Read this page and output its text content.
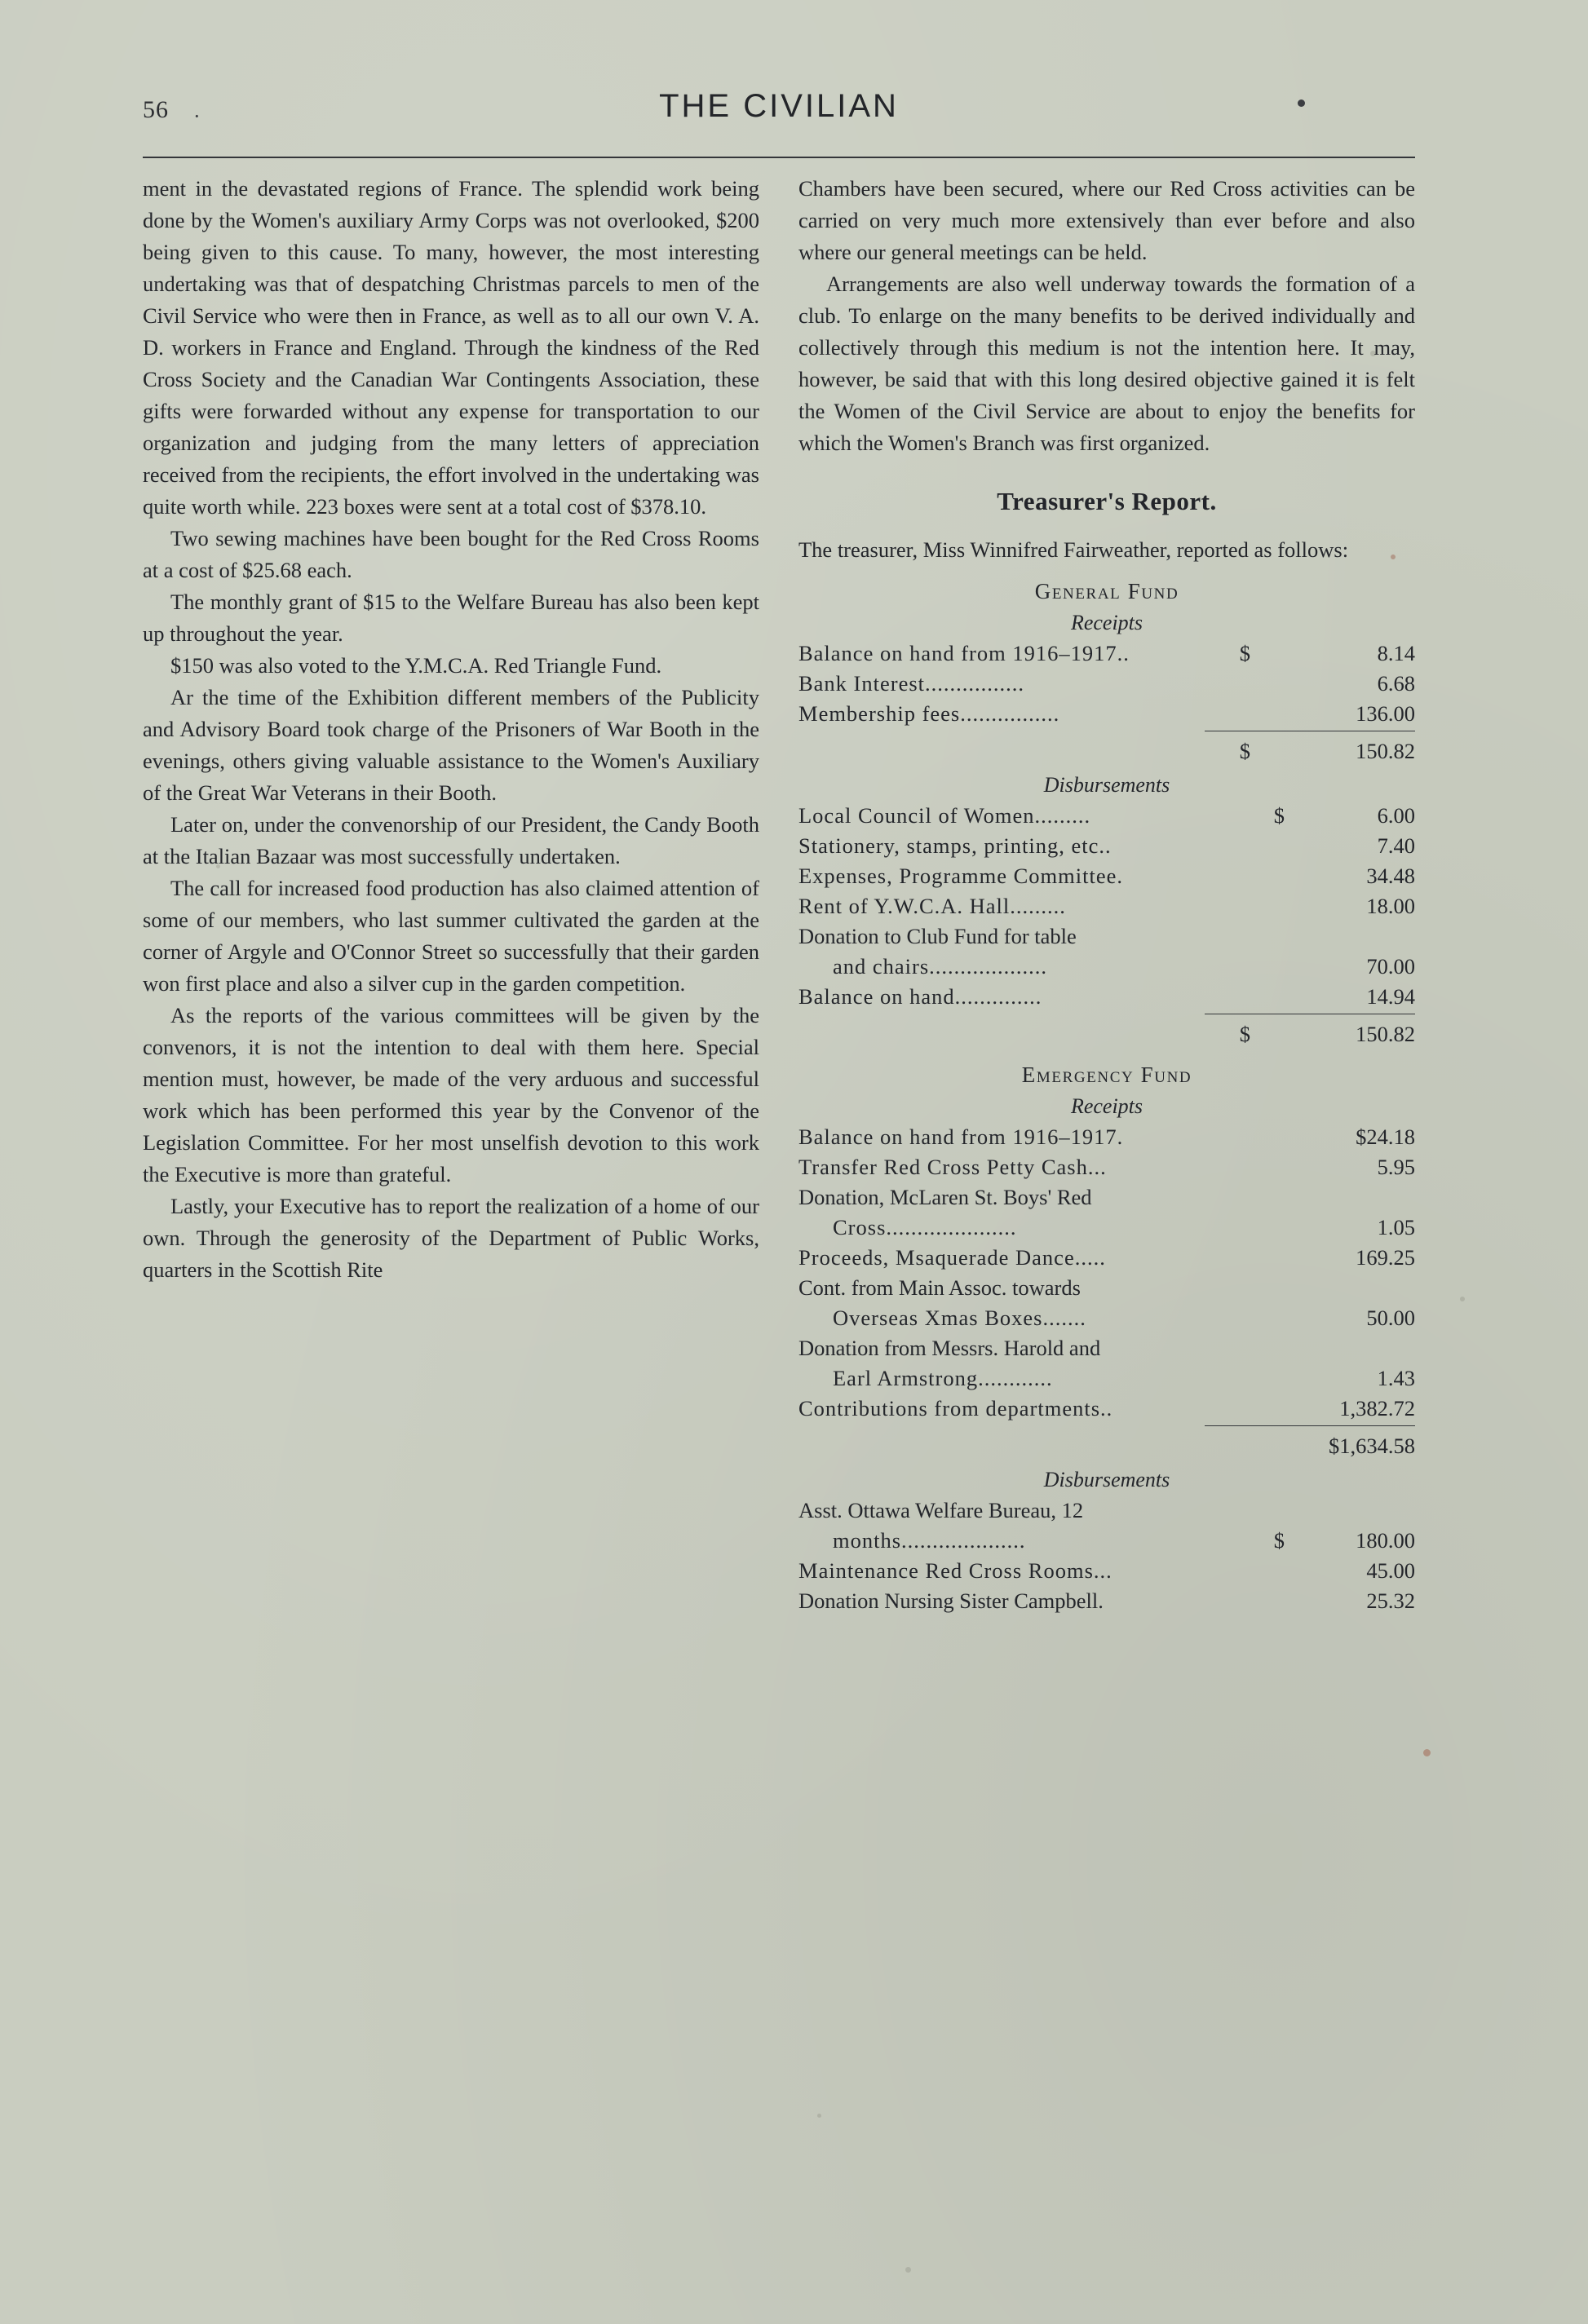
56 ·	THE CIVILIAN

ment in the devastated regions of France. The splendid work being done by the Women's auxiliary Army Corps was not overlooked, $200 being given to this cause. To many, however, the most interesting undertaking was that of despatching Christmas parcels to men of the Civil Service who were then in France, as well as to all our own V. A. D. workers in France and England. Through the kindness of the Red Cross Society and the Canadian War Contingents Association, these gifts were forwarded without any expense for transportation to our organization and judging from the many letters of appreciation received from the recipients, the effort involved in the undertaking was quite worth while. 223 boxes were sent at a total cost of $378.10.

Two sewing machines have been bought for the Red Cross Rooms at a cost of $25.68 each.

The monthly grant of $15 to the Welfare Bureau has also been kept up throughout the year.

$150 was also voted to the Y.M.C.A. Red Triangle Fund.

Ar the time of the Exhibition different members of the Publicity and Advisory Board took charge of the Prisoners of War Booth in the evenings, others giving valuable assistance to the Women's Auxiliary of the Great War Veterans in their Booth.

Later on, under the convenorship of our President, the Candy Booth at the Italian Bazaar was most successfully undertaken.

The call for increased food production has also claimed attention of some of our members, who last summer cultivated the garden at the corner of Argyle and O'Connor Street so successfully that their garden won first place and also a silver cup in the garden competition.

As the reports of the various committees will be given by the convenors, it is not the intention to deal with them here. Special mention must, however, be made of the very arduous and successful work which has been performed this year by the Convenor of the Legislation Committee. For her most unselfish devotion to this work the Executive is more than grateful.

Lastly, your Executive has to report the realization of a home of our own. Through the generosity of the Department of Public Works, quarters in the Scottish Rite

Chambers have been secured, where our Red Cross activities can be carried on very much more extensively than ever before and also where our general meetings can be held.

Arrangements are also well underway towards the formation of a club. To enlarge on the many benefits to be derived individually and collectively through this medium is not the intention here. It may, however, be said that with this long desired objective gained it is felt the Women of the Civil Service are about to enjoy the benefits for which the Women's Branch was first organized.

Treasurer's Report.

The treasurer, Miss Winnifred Fairweather, reported as follows:

General Fund
Receipts
Balance on hand from 1916–1917..	$	8.14
Bank Interest................		6.68
Membership fees................		136.00
	$	150.82
Disbursements
Local Council of Women.........	$	6.00
Stationery, stamps, printing, etc..		7.40
Expenses, Programme Committee.		34.48
Rent of Y.W.C.A. Hall.........		18.00
Donation to Club Fund for table		
and chairs...................		70.00
Balance on hand..............		14.94
	$	150.82
Emergency Fund
Receipts
Balance on hand from 1916–1917.		$24.18
Transfer Red Cross Petty Cash...		5.95
Donation, McLaren St. Boys' Red		
Cross.....................		1.05
Proceeds, Msaquerade Dance.....		169.25
Cont. from Main Assoc. towards		
Overseas Xmas Boxes.......		50.00
Donation from Messrs. Harold and		
Earl Armstrong............		1.43
Contributions from departments..		1,382.72
		$1,634.58
Disbursements
Asst. Ottawa Welfare Bureau, 12		
months....................	$	180.00
Maintenance Red Cross Rooms...		45.00
Donation Nursing Sister Campbell.		25.32
